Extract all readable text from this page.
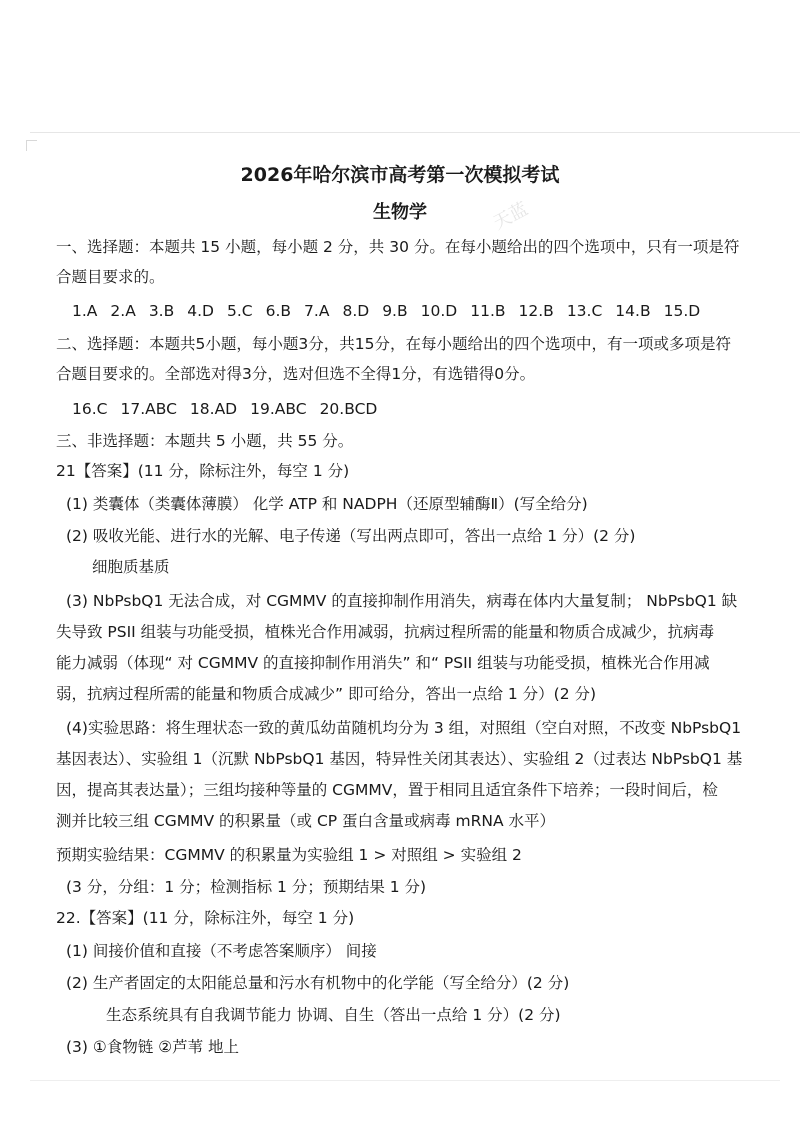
天蓝
2026年哈尔滨市高考第一次模拟考试
生物学
一、选择题：本题共 15 小题，每小题 2 分，共 30 分。在每小题给出的四个选项中，只有一项是符
合题目要求的。
1.A 2.A 3.B 4.D 5.C 6.B 7.A 8.D 9.B 10.D 11.B 12.B 13.C 14.B 15.D
二、选择题：本题共5小题，每小题3分，共15分，在每小题给出的四个选项中，有一项或多项是符
合题目要求的。全部选对得3分，选对但选不全得1分，有选错得0分。
16.C 17.ABC 18.AD 19.ABC 20.BCD
三、非选择题：本题共 5 小题，共 55 分。
21【答案】(11 分，除标注外，每空 1 分)
(1) 类囊体（类囊体薄膜） 化学 ATP 和 NADPH（还原型辅酶Ⅱ）(写全给分)
(2) 吸收光能、进行水的光解、电子传递（写出两点即可，答出一点给 1 分）(2 分)
细胞质基质
(3) NbPsbQ1 无法合成，对 CGMMV 的直接抑制作用消失，病毒在体内大量复制； NbPsbQ1 缺
失导致 PSII 组装与功能受损，植株光合作用减弱，抗病过程所需的能量和物质合成减少，抗病毒
能力减弱（体现“ 对 CGMMV 的直接抑制作用消失” 和“ PSII 组装与功能受损，植株光合作用减
弱，抗病过程所需的能量和物质合成减少” 即可给分，答出一点给 1 分）(2 分)
(4)实验思路：将生理状态一致的黄瓜幼苗随机均分为 3 组，对照组（空白对照，不改变 NbPsbQ1
基因表达）、实验组 1（沉默 NbPsbQ1 基因，特异性关闭其表达）、实验组 2（过表达 NbPsbQ1 基
因，提高其表达量）；三组均接种等量的 CGMMV，置于相同且适宜条件下培养；一段时间后，检
测并比较三组 CGMMV 的积累量（或 CP 蛋白含量或病毒 mRNA 水平）
预期实验结果：CGMMV 的积累量为实验组 1 > 对照组 > 实验组 2
(3 分，分组：1 分；检测指标 1 分；预期结果 1 分)
22.【答案】(11 分，除标注外，每空 1 分)
(1) 间接价值和直接（不考虑答案顺序） 间接
(2) 生产者固定的太阳能总量和污水有机物中的化学能（写全给分）(2 分)
生态系统具有自我调节能力 协调、自生（答出一点给 1 分）(2 分)
(3) ①食物链 ②芦苇 地上
